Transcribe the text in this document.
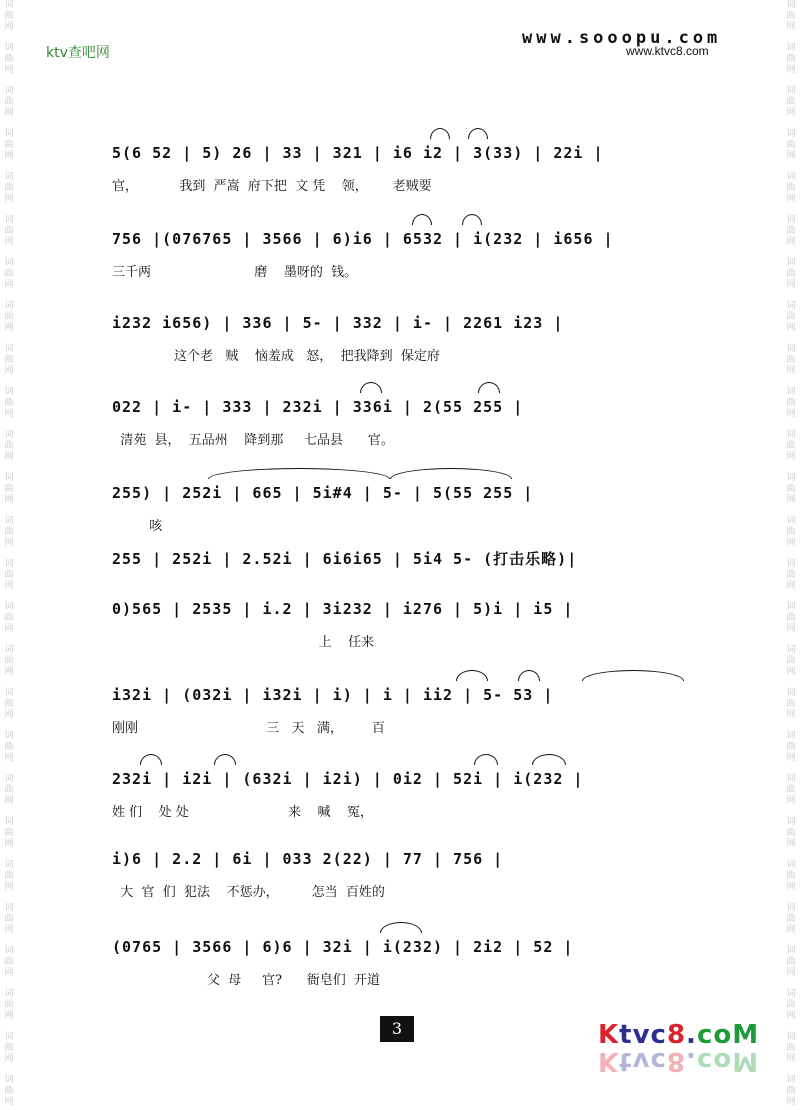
词
曲
网
词
曲
网
词
曲
网
词
曲
网
词
曲
网
词
曲
网
词
曲
网
词
曲
网
词
曲
网
词
曲
网
词
曲
网
词
曲
网
词
曲
网
词
曲
网
词
曲
网
词
曲
网
词
曲
网
词
曲
网
词
曲
网
词
曲
网
词
曲
网
词
曲
网
词
曲
网
词
曲
网
词
曲
网
词
曲
网
词
曲
网
词
曲
网
词
曲
网
词
曲
网
词
曲
网
词
曲
网
词
曲
网
词
曲
网
词
曲
网
词
曲
网
词
曲
网
词
曲
网
词
曲
网
词
曲
网
词
曲
网
词
曲
网
词
曲
网
词
曲
网
词
曲
网
词
曲
网
词
曲
网
词
曲
网
词
曲
网
词
曲
网
词
曲
网
词
曲
网
ktv查吧网
www.sooopu.com
www.ktvc8.com
5(6 52 | 5) 26 | 33 | 321 | i6 i2 | 3(33) | 22i |
官，          我到  严嵩  府下把  文 凭    领，      老贼要
756 |(076765 | 3566 | 6)i6 | 6532 | i(232 | i656 |
三千两                         磨    墨呀的  钱。
i232 i656) | 336 | 5- | 332 | i- | 2261 i23 |
这个老   贼    恼羞成   怒，  把我降到  保定府
022 | i- | 333 | 232i | 336i | 2(55 255 |
清苑  县，  五品州    降到那     七品县      官。
255) | 252i | 665 | 5i#4 | 5- | 5(55 255 |
咳
255 | 252i | 2.52i | 6i6i65 | 5i4 5- (打击乐略)|
0)565 | 2535 | i.2 | 3i232 | i276 | 5)i | i5 |
上    任来
i32i | (032i | i32i | i) | i | ii2 | 5- 53 |
刚刚                               三   天   满，       百
232i | i2i | (632i | i2i) | 0i2 | 52i | i(232 |
姓 们    处 处                        来    喊    冤，
i)6 | 2.2 | 6i | 033 2(22) | 77 | 756 |
大  官  们  犯法    不惩办，        怎当  百姓的
(0765 | 3566 | 6)6 | 32i | i(232) | 2i2 | 52 |
父  母     官?      衙皂们  开道
3	Ktvc8.coM
Ktvc8.coM
